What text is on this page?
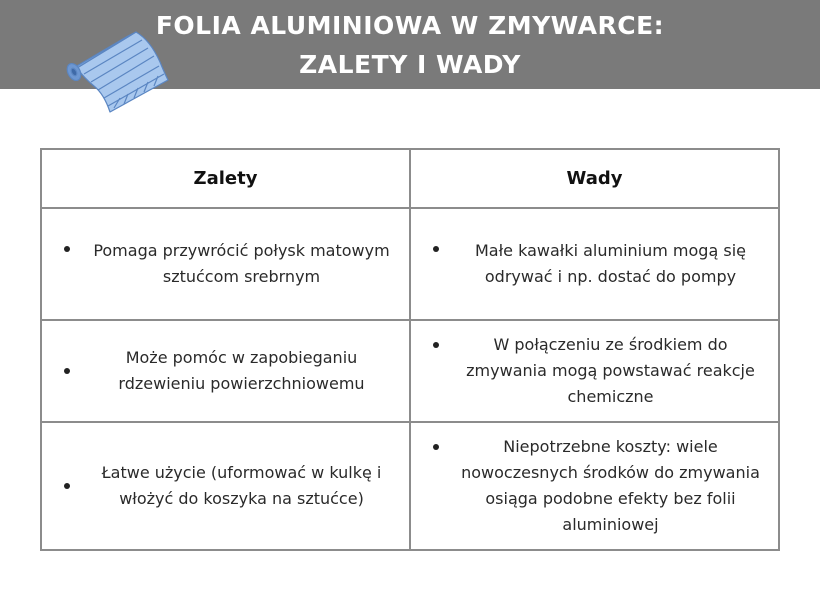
FOLIA ALUMINIOWA W ZMYWARCE:
ZALETY I WADY
Zalety	Wady

Pomaga przywrócić połysk matowym sztućcom srebrnym	Małe kawałki aluminium mogą się odrywać i np. dostać do pompy

Może pomóc w zapobieganiu rdzewieniu powierzchniowemu	W połączeniu ze środkiem do zmywania mogą powstawać reakcje chemiczne

Łatwe użycie (uformować w kulkę i włożyć do koszyka na sztućce)	Niepotrzebne koszty: wiele nowoczesnych środków do zmywania osiąga podobne efekty bez folii aluminiowej
